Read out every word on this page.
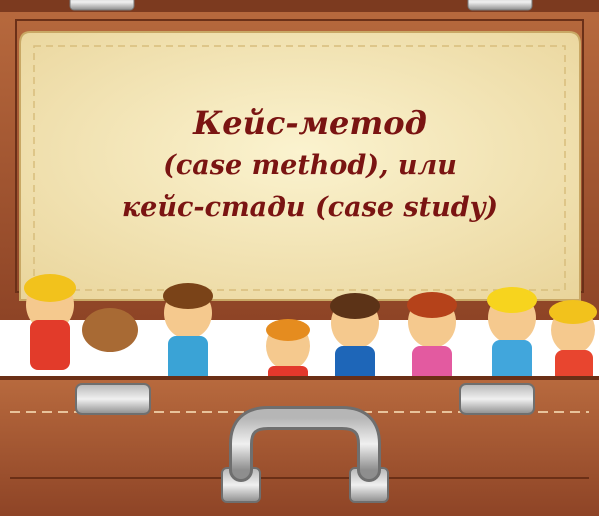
Кейс-метод
(case method), или
кейс-стади (case study)
